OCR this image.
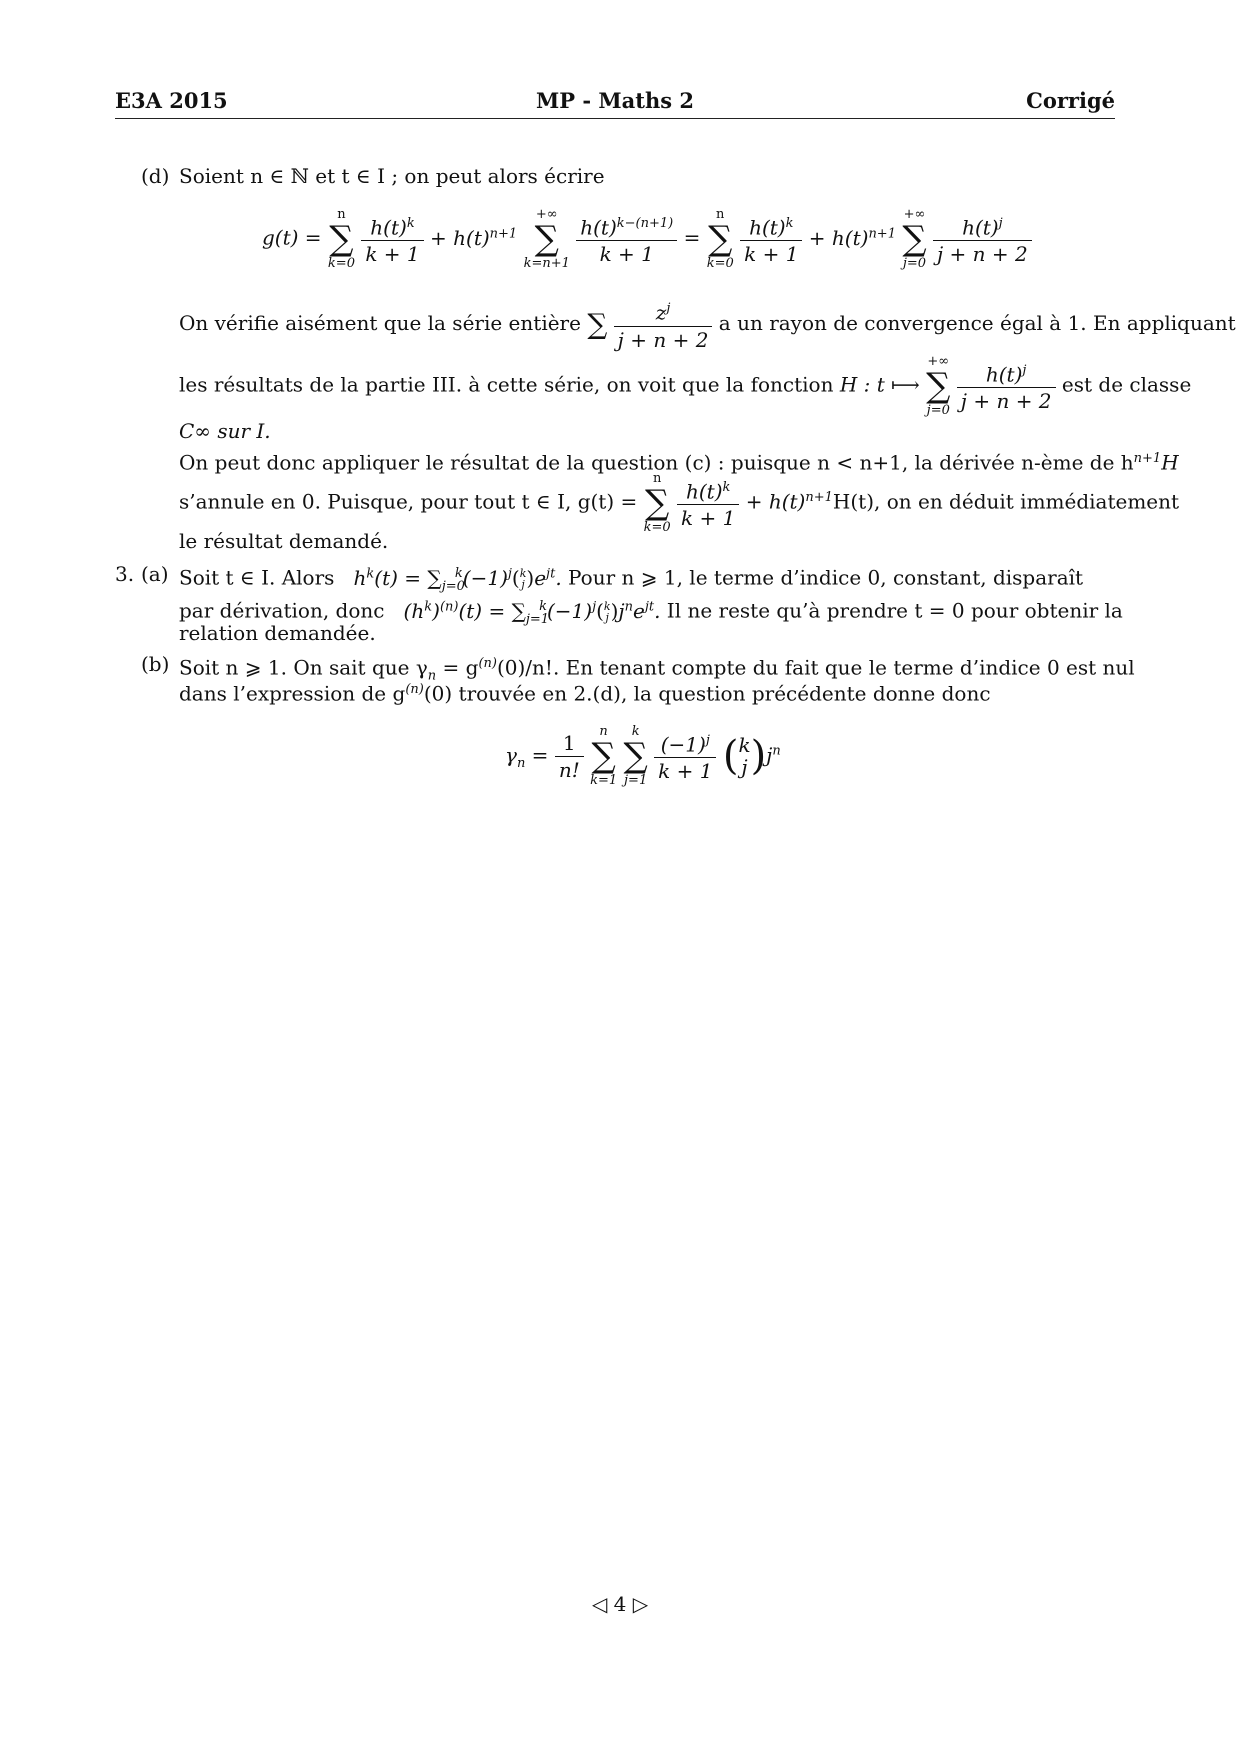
E3A 2015	MP - Maths 2	Corrigé
(d) Soient n ∈ ℕ et t ∈ I ; on peut alors écrire
g(t) =
n
∑
k=0
$\frac{h(t)^k}{k + 1} + h(t)^{n+1}$
+∞
∑
k=n+1
$\frac{h(t)^{k-(n+1)}}{k + 1}$ =
n
∑
k=0
$\frac{h(t)^k}{k + 1} + h(t)^{n+1}$
+∞
∑
j=0
$\frac{h(t)^j}{j + n + 2}$
On vérifie aisément que la série entière ∑ $\frac{z^j}{j + n + 2}$ a un rayon de convergence égal à 1. En appliquant
les résultats de la partie III. à cette série, on voit que la fonction H : t ⟼
+∞
∑
j=0
$\frac{h(t)^j}{j + n + 2}$ est de classe
C∞ sur I.
On peut donc appliquer le résultat de la question (c) : puisque n < n+1, la dérivée n-ème de $h^{n+1}H$
s’annule en 0. Puisque, pour tout t ∈ I, g(t) =
n
∑
k=0
$\frac{h(t)^k}{k + 1} + h(t)^{n+1}H(t)$, on en déduit immédiatement
le résultat demandé.
3. (a) Soit t ∈ I. Alors   $h^k(t) = \sum_{j=0}^k(-1)^j(k$
$j)e^{jt}$. Pour n ⩾ 1, le terme d’indice 0, constant, disparaît
par dérivation, donc   $(h^k)^{(n)}(t) = \sum_{j=1}^k(-1)^j(k$
$j)j^ne^{jt}$. Il ne reste qu’à prendre t = 0 pour obtenir la
relation demandée.
(b) Soit n ⩾ 1. On sait que $\gamma_n = g^{(n)}(0)/n$!. En tenant compte du fait que le terme d’indice 0 est nul
dans l’expression de $g^{(n)}(0)$ trouvée en 2.(d), la question précédente donne donc
$\gamma_n = \frac{1}{n!}$
	n
∑
k=1

k
∑
j=1
$\frac{(-1)^j}{k + 1} (k$
$j)j^n$
◁ 4 ▷
